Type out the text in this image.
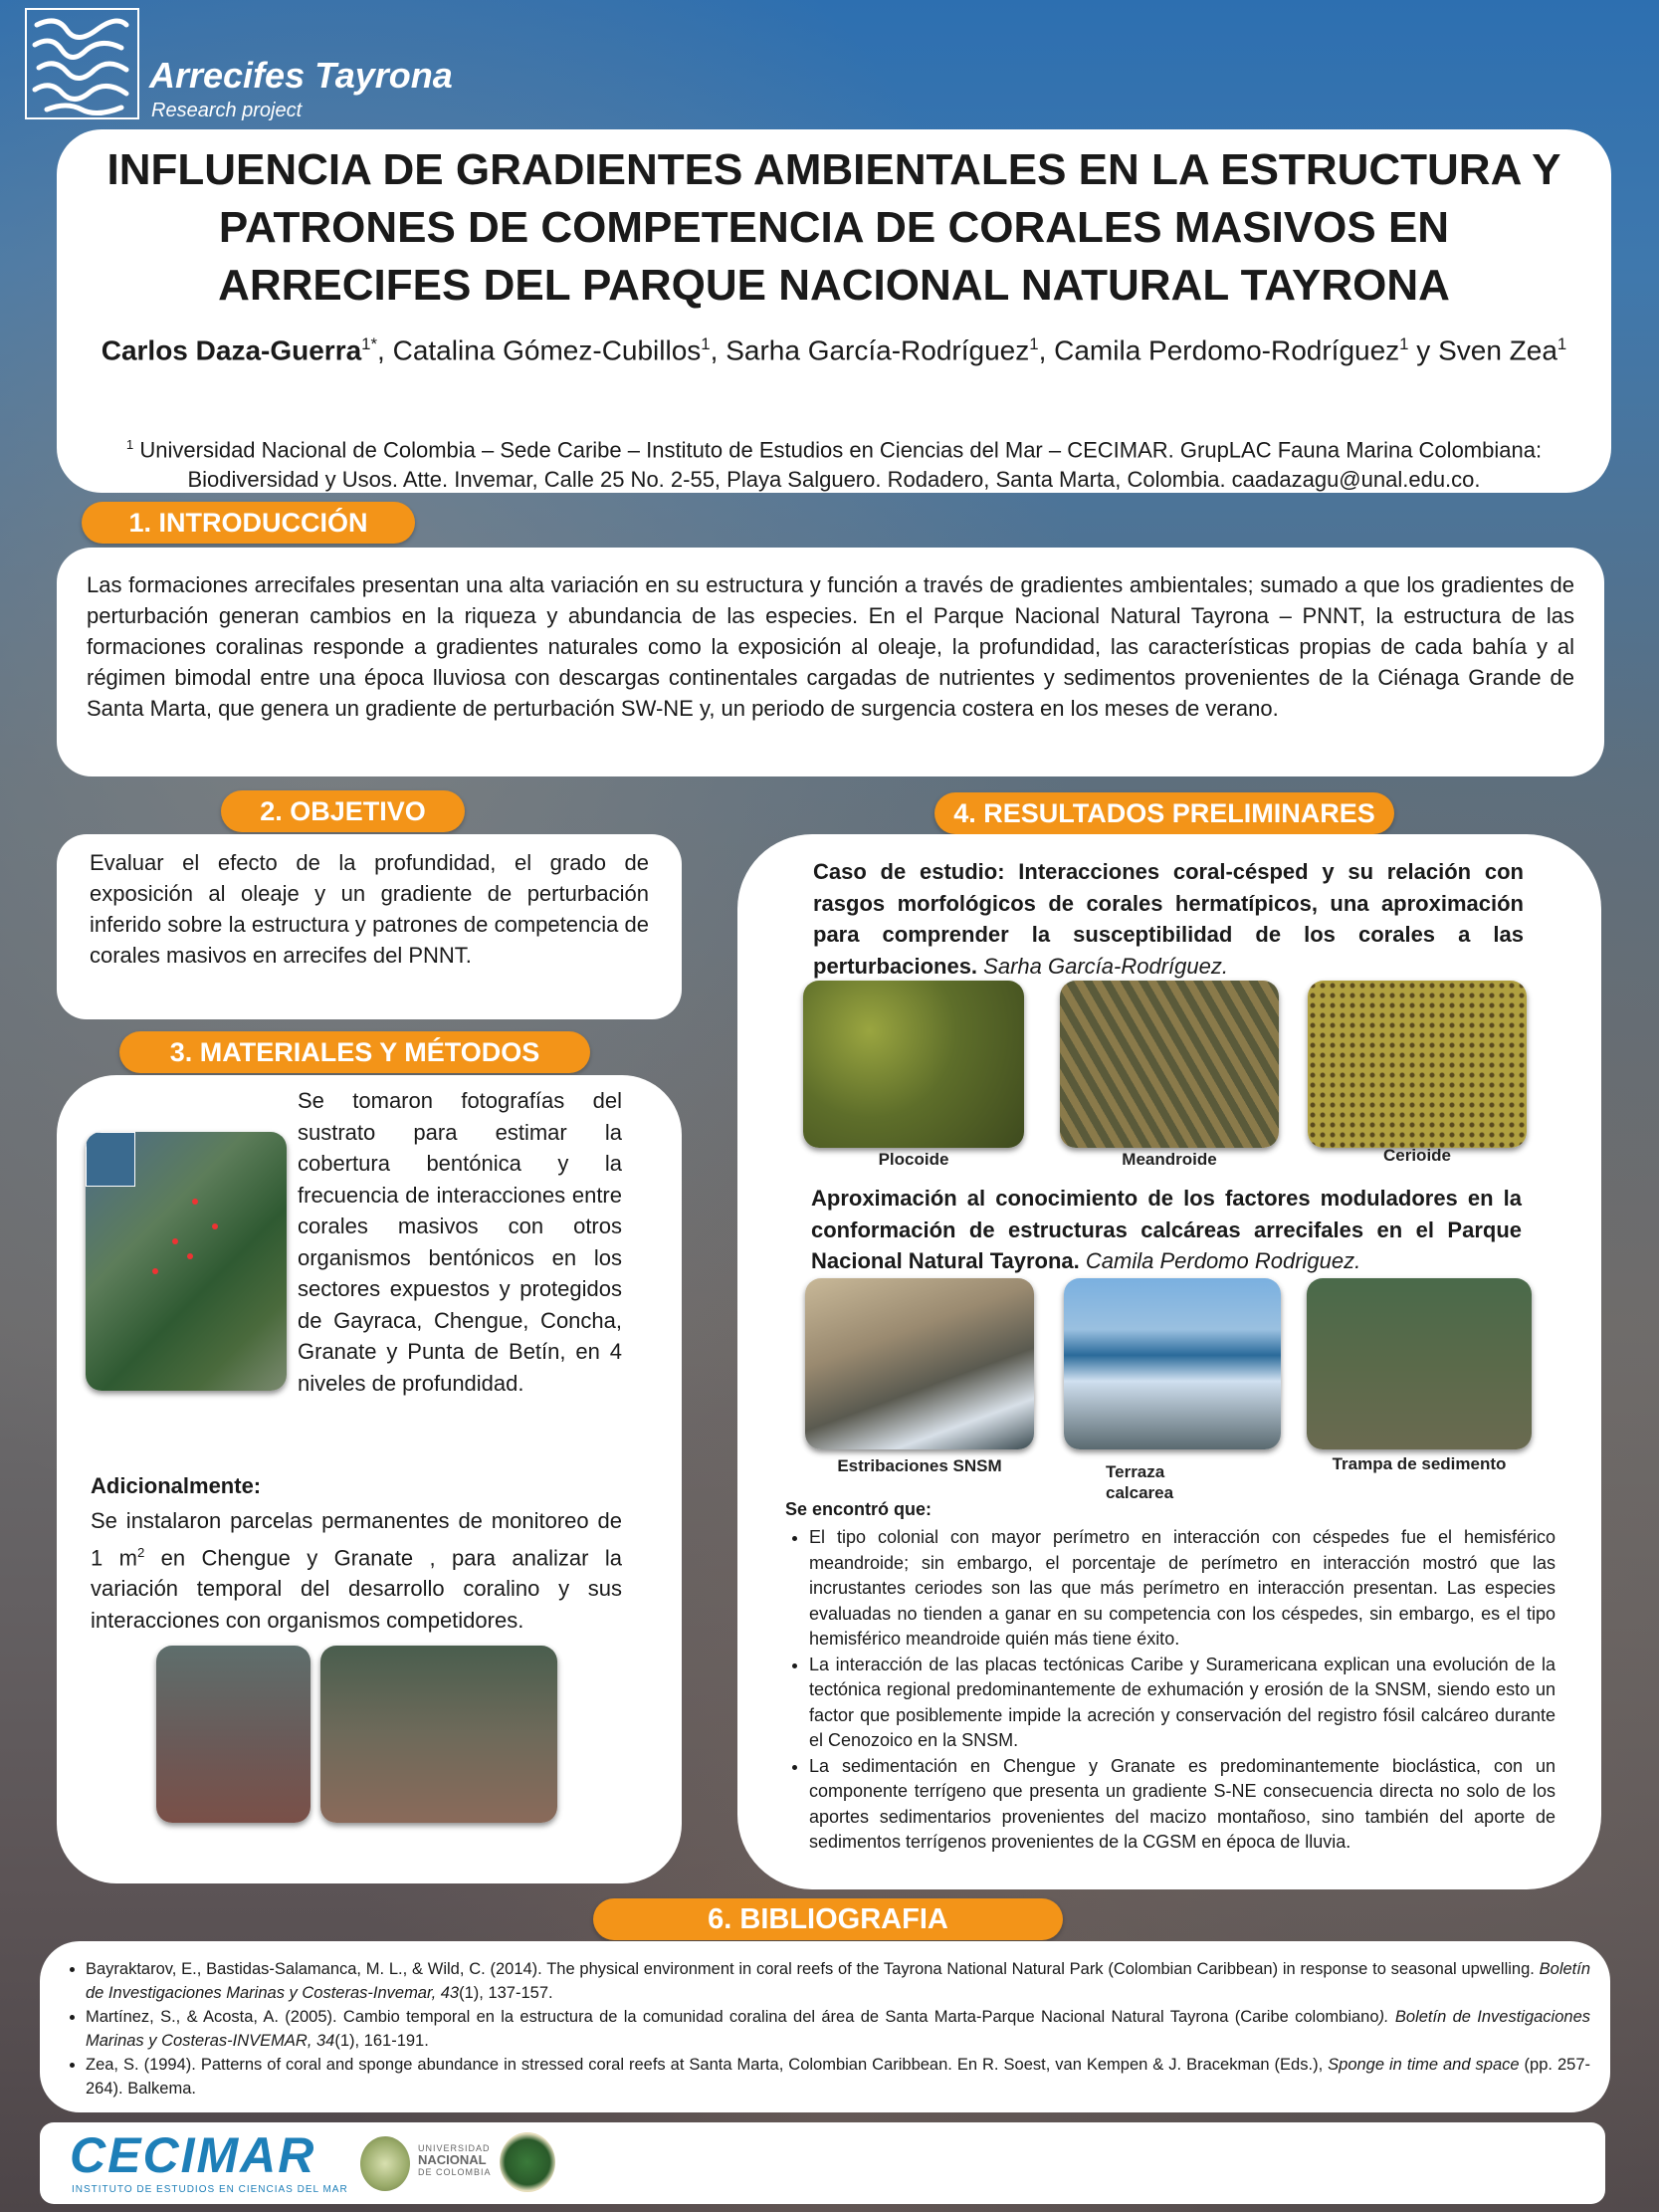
Arrecifes Tayrona
Research project
INFLUENCIA DE GRADIENTES AMBIENTALES EN LA ESTRUCTURA Y PATRONES DE COMPETENCIA DE CORALES MASIVOS EN ARRECIFES DEL PARQUE NACIONAL NATURAL TAYRONA
Carlos Daza-Guerra$^{1*}$, Catalina Gómez-Cubillos$^1$, Sarha García-Rodríguez$^1$, Camila Perdomo-Rodríguez$^1$ y Sven Zea$^1$
$^1$ Universidad Nacional de Colombia – Sede Caribe – Instituto de Estudios en Ciencias del Mar – CECIMAR. GrupLAC Fauna Marina Colombiana: Biodiversidad y Usos. Atte. Invemar, Calle 25 No. 2-55, Playa Salguero. Rodadero, Santa Marta, Colombia. caadazagu@unal.edu.co.
1. INTRODUCCIÓN
Las formaciones arrecifales presentan una alta variación en su estructura y función a través de gradientes ambientales; sumado a que los gradientes de perturbación generan cambios en la riqueza y abundancia de las especies. En el Parque Nacional Natural Tayrona – PNNT, la estructura de las formaciones coralinas responde a gradientes naturales como la exposición al oleaje, la profundidad, las características propias de cada bahía y al régimen bimodal entre una época lluviosa con descargas continentales cargadas de nutrientes y sedimentos provenientes de la Ciénaga Grande de Santa Marta, que genera un gradiente de perturbación SW-NE y, un periodo de surgencia costera en los meses de verano.
2. OBJETIVO
Evaluar el efecto de la profundidad, el grado de exposición al oleaje y un gradiente de perturbación inferido sobre la estructura y patrones de competencia de corales masivos en arrecifes del PNNT.
3. MATERIALES Y MÉTODOS
Se tomaron fotografías del sustrato para estimar la cobertura bentónica y la frecuencia de interacciones entre corales masivos con otros organismos bentónicos en los sectores expuestos y protegidos de Gayraca, Chengue, Concha, Granate y Punta de Betín, en 4 niveles de profundidad.
Adicionalmente:
Se instalaron parcelas permanentes de monitoreo de 1 $m^2$ en Chengue y Granate , para analizar la variación temporal del desarrollo coralino y sus interacciones con organismos competidores.
4. RESULTADOS PRELIMINARES
Caso de estudio: Interacciones coral-césped y su relación con rasgos morfológicos de corales hermatípicos, una aproximación para comprender la susceptibilidad de los corales a las perturbaciones. Sarha García-Rodríguez.
Plocoide	Meandroide	Cerioide
Aproximación al conocimiento de los factores moduladores en la conformación de estructuras calcáreas arrecifales en el Parque Nacional Natural Tayrona. Camila Perdomo Rodriguez.
Estribaciones SNSM	Terraza calcarea
Trampa de sedimento
Se encontró que:
• El tipo colonial con mayor perímetro en interacción con céspedes fue el hemisférico meandroide; sin embargo, el porcentaje de perímetro en interacción mostró que las incrustantes ceriodes son las que más perímetro en interacción presentan. Las especies evaluadas no tienden a ganar en su competencia con los céspedes, sin embargo, es el tipo hemisférico meandroide quién más tiene éxito.
• La interacción de las placas tectónicas Caribe y Suramericana explican una evolución de la tectónica regional predominantemente de exhumación y erosión de la SNSM, siendo esto un factor que posiblemente impide la acreción y conservación del registro fósil calcáreo durante el Cenozoico en la SNSM.
• La sedimentación en Chengue y Granate es predominantemente bioclástica, con un componente terrígeno que presenta un gradiente S-NE consecuencia directa no solo de los aportes sedimentarios provenientes del macizo montañoso, sino también del aporte de sedimentos terrígenos provenientes de la CGSM en época de lluvia.
6. BIBLIOGRAFIA
• Bayraktarov, E., Bastidas-Salamanca, M. L., & Wild, C. (2014). The physical environment in coral reefs of the Tayrona National Natural Park (Colombian Caribbean) in response to seasonal upwelling. Boletín de Investigaciones Marinas y Costeras-Invemar, 43(1), 137-157.
• Martínez, S., & Acosta, A. (2005). Cambio temporal en la estructura de la comunidad coralina del área de Santa Marta-Parque Nacional Natural Tayrona (Caribe colombiano). Boletín de Investigaciones Marinas y Costeras-INVEMAR, 34(1), 161-191.
• Zea, S. (1994). Patterns of coral and sponge abundance in stressed coral reefs at Santa Marta, Colombian Caribbean. En R. Soest, van Kempen & J. Bracekman (Eds.), Sponge in time and space (pp. 257-264). Balkema.
CECIMAR
INSTITUTO DE ESTUDIOS EN CIENCIAS DEL MAR
UNIVERSIDAD
NACIONAL
DE COLOMBIA
